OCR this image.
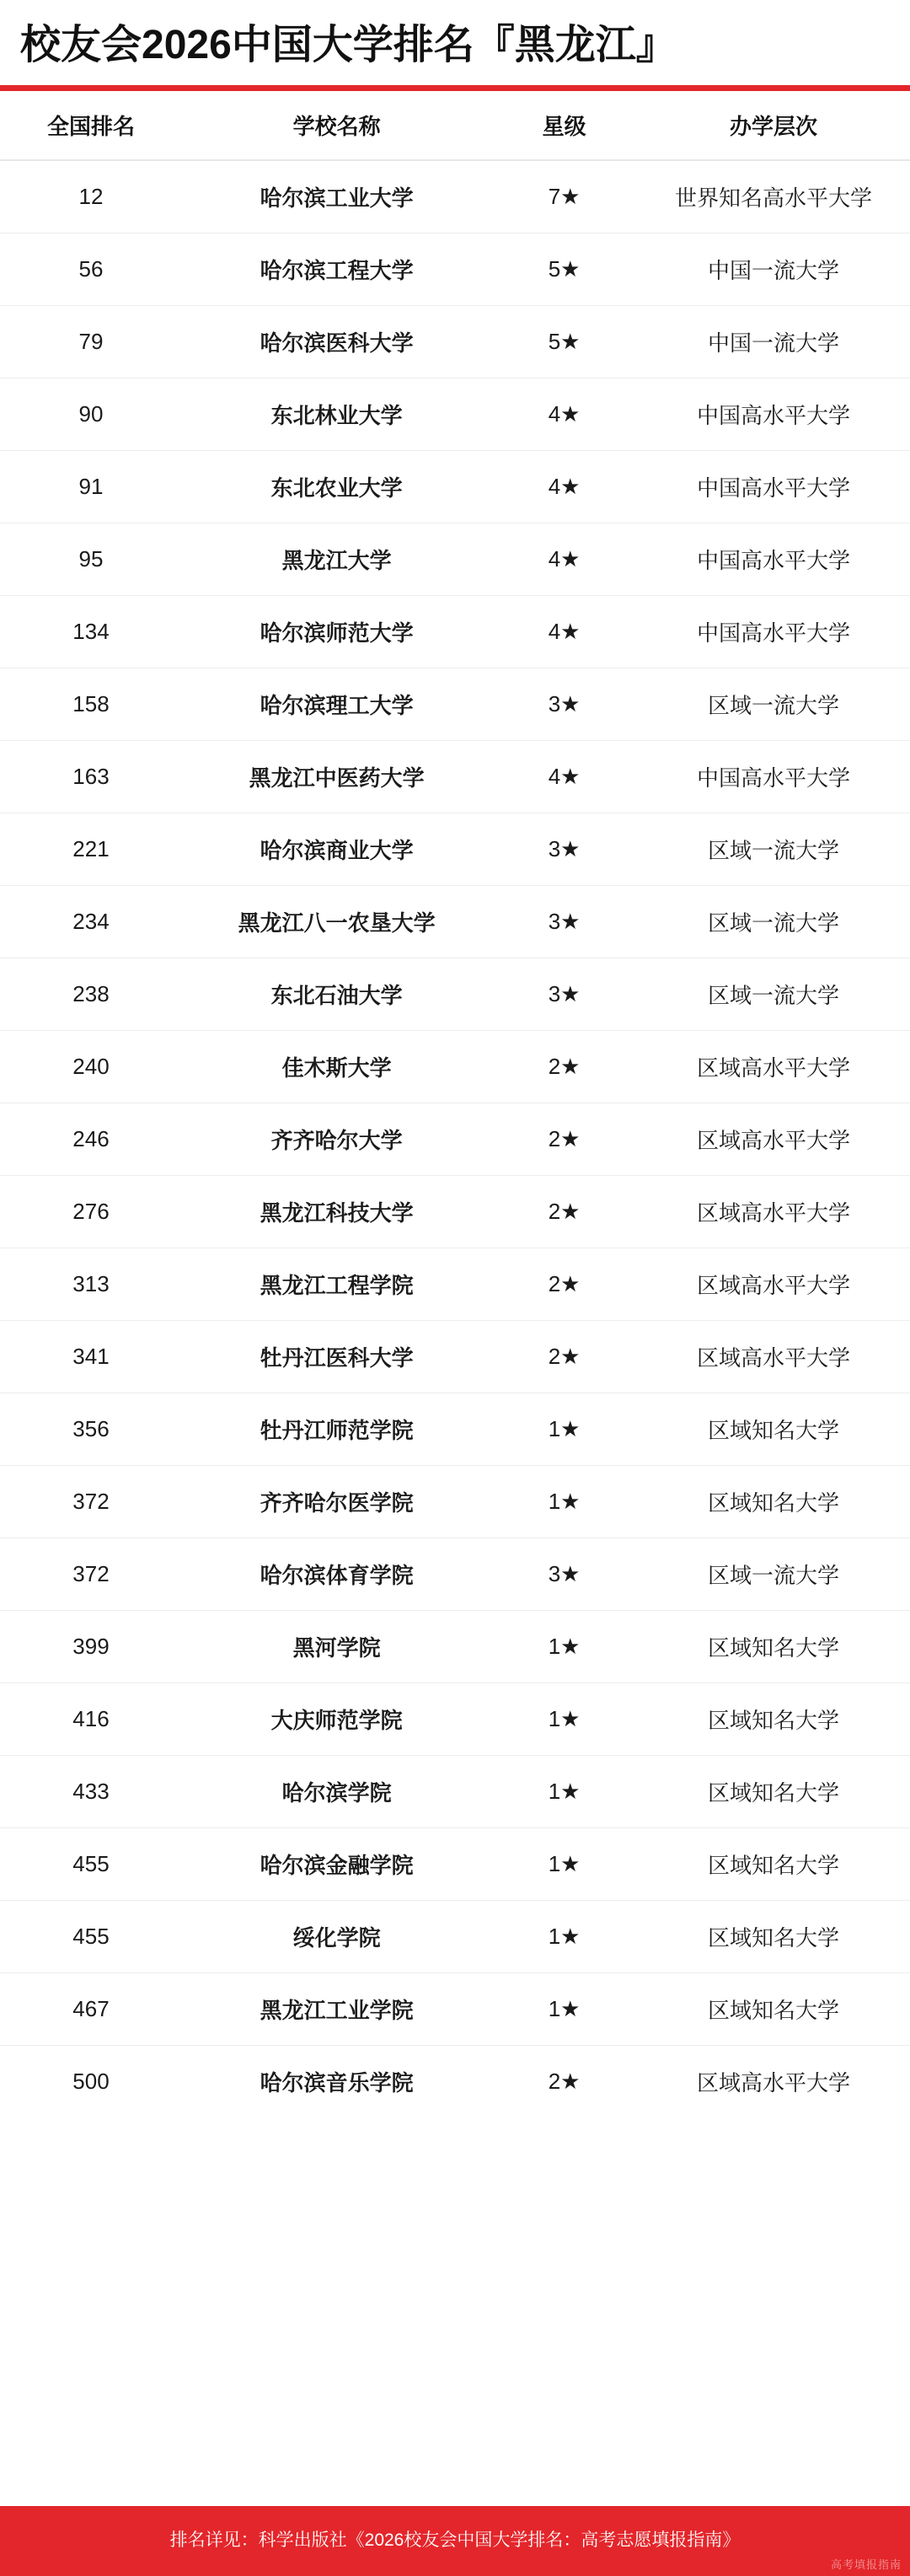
校友会2026中国大学排名『黑龙江』
全国排名	学校名称	星级	办学层次
12	哈尔滨工业大学	7★	世界知名高水平大学
56	哈尔滨工程大学	5★	中国一流大学
79	哈尔滨医科大学	5★	中国一流大学
90	东北林业大学	4★	中国高水平大学
91	东北农业大学	4★	中国高水平大学
95	黑龙江大学	4★	中国高水平大学
134	哈尔滨师范大学	4★	中国高水平大学
158	哈尔滨理工大学	3★	区域一流大学
163	黑龙江中医药大学	4★	中国高水平大学
221	哈尔滨商业大学	3★	区域一流大学
234	黑龙江八一农垦大学	3★	区域一流大学
238	东北石油大学	3★	区域一流大学
240	佳木斯大学	2★	区域高水平大学
246	齐齐哈尔大学	2★	区域高水平大学
276	黑龙江科技大学	2★	区域高水平大学
313	黑龙江工程学院	2★	区域高水平大学
341	牡丹江医科大学	2★	区域高水平大学
356	牡丹江师范学院	1★	区域知名大学
372	齐齐哈尔医学院	1★	区域知名大学
372	哈尔滨体育学院	3★	区域一流大学
399	黑河学院	1★	区域知名大学
416	大庆师范学院	1★	区域知名大学
433	哈尔滨学院	1★	区域知名大学
455	哈尔滨金融学院	1★	区域知名大学
455	绥化学院	1★	区域知名大学
467	黑龙江工业学院	1★	区域知名大学
500	哈尔滨音乐学院	2★	区域高水平大学
排名详见：科学出版社《2026校友会中国大学排名：高考志愿填报指南》
高考填报指南
